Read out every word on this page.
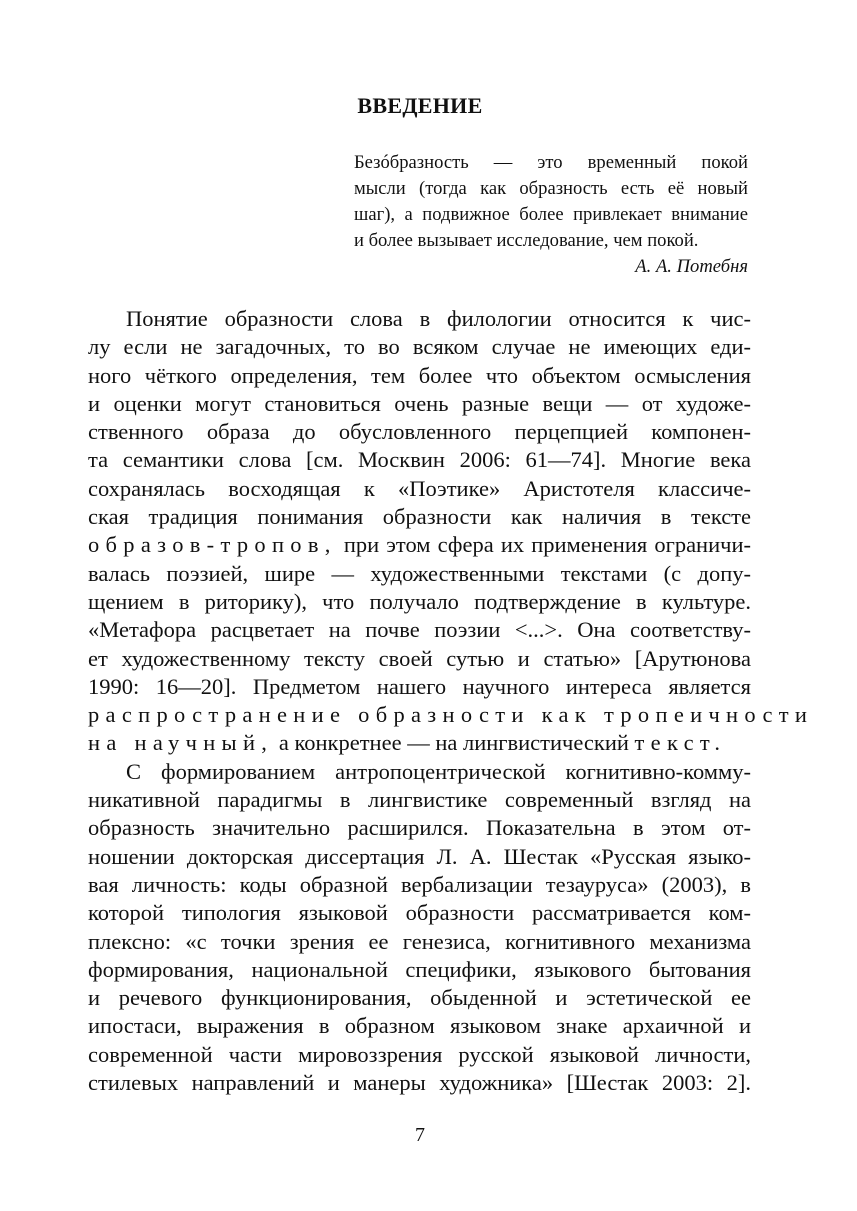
ВВЕДЕНИЕ
Безóбразность — это временный покой
мысли (тогда как образность есть её новый
шаг), а подвижное более привлекает внимание
и более вызывает исследование, чем покой.
А. А. Потебня
Понятие образности слова в филологии относится к чис-
лу если не загадочных, то во всяком случае не имеющих еди-
ного чёткого определения, тем более что объектом осмысления
и оценки могут становиться очень разные вещи — от художе-
ственного образа до обусловленного перцепцией компонен-
та семантики слова [см. Москвин 2006: 61—74]. Многие века
сохранялась восходящая к «Поэтике» Аристотеля классиче-
ская традиция понимания образности как наличия в тексте
образов-тропов, при этом сфера их применения ограничи-
валась поэзией, шире — художественными текстами (с допу-
щением в риторику), что получало подтверждение в культуре.
«Метафора расцветает на почве поэзии <...>. Она соответству-
ет художественному тексту своей сутью и статью» [Арутюнова
1990: 16—20]. Предметом нашего научного интереса является
распространение образности как тропеичности
на научный, а конкретнее — на лингвистический текст.
С формированием антропоцентрической когнитивно-комму-
никативной парадигмы в лингвистике современный взгляд на
образность значительно расширился. Показательна в этом от-
ношении докторская диссертация Л. А. Шестак «Русская языко-
вая личность: коды образной вербализации тезауруса» (2003), в
которой типология языковой образности рассматривается ком-
плексно: «с точки зрения ее генезиса, когнитивного механизма
формирования, национальной специфики, языкового бытования
и речевого функционирования, обыденной и эстетической ее
ипостаси, выражения в образном языковом знаке архаичной и
современной части мировоззрения русской языковой личности,
стилевых направлений и манеры художника» [Шестак 2003: 2].
7
